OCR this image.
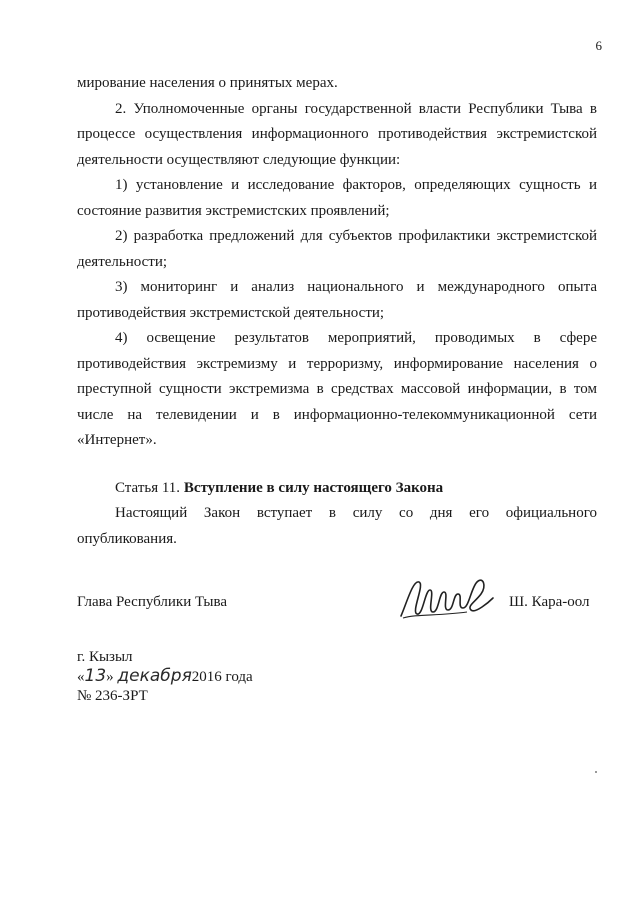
6

мирование населения о принятых мерах.

2. Уполномоченные органы государственной власти Республики Тыва в процессе осуществления информационного противодействия экстремистской деятельности осуществляют следующие функции:

1) установление и исследование факторов, определяющих сущность и состояние развития экстремистских проявлений;

2) разработка предложений для субъектов профилактики экстремистской деятельности;

3) мониторинг и анализ национального и международного опыта противодействия экстремистской деятельности;

4) освещение результатов мероприятий, проводимых в сфере противодействия экстремизму и терроризму, информирование населения о преступной сущности экстремизма в средствах массовой информации, в том числе на телевидении и в информационно-телекоммуникационной сети «Интернет».

Статья 11. Вступление в силу настоящего Закона

Настоящий Закон вступает в силу со дня его официального опубликования.

Глава Республики Тыва	Ш. Кара-оол
г. Кызыл
«13» декабря2016 года
№ 236-ЗРТ
